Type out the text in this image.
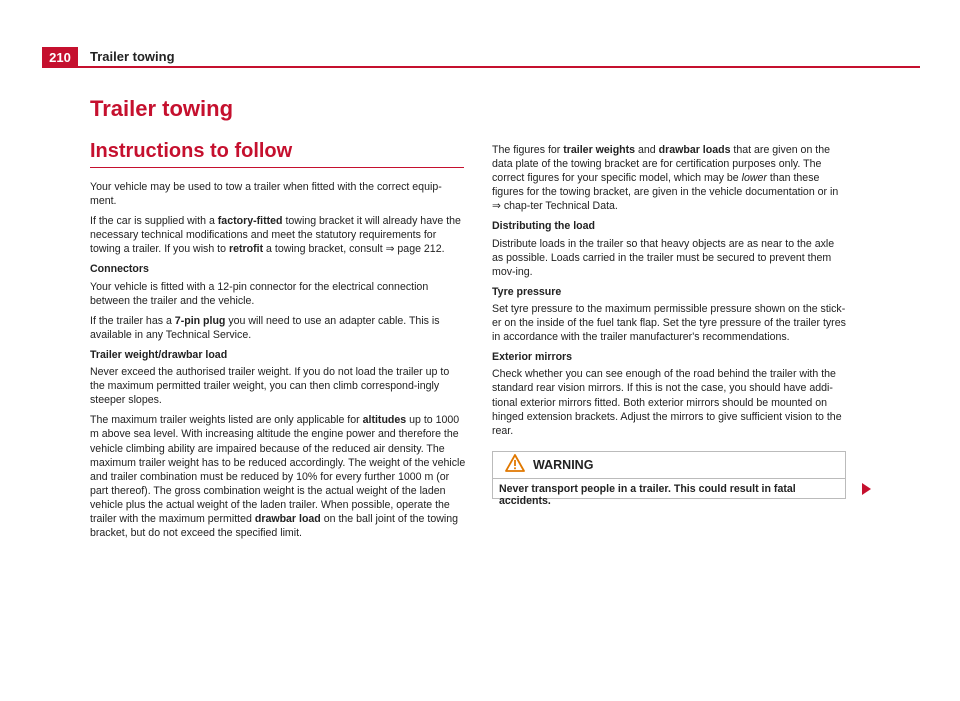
210	Trailer towing
Trailer towing
Instructions to follow

Your vehicle may be used to tow a trailer when fitted with the correct equip-ment.

If the car is supplied with a factory-fitted towing bracket it will already have the necessary technical modifications and meet the statutory requirements for towing a trailer. If you wish to retrofit a towing bracket, consult ⇒ page 212.

Connectors

Your vehicle is fitted with a 12-pin connector for the electrical connection between the trailer and the vehicle.

If the trailer has a 7-pin plug you will need to use an adapter cable. This is available in any Technical Service.

Trailer weight/drawbar load

Never exceed the authorised trailer weight. If you do not load the trailer up to the maximum permitted trailer weight, you can then climb correspond-ingly steeper slopes.

The maximum trailer weights listed are only applicable for altitudes up to 1000 m above sea level. With increasing altitude the engine power and therefore the vehicle climbing ability are impaired because of the reduced air density. The maximum trailer weight has to be reduced accordingly. The weight of the vehicle and trailer combination must be reduced by 10% for every further 1000 m (or part thereof). The gross combination weight is the actual weight of the laden vehicle plus the actual weight of the laden trailer. When possible, operate the trailer with the maximum permitted drawbar load on the ball joint of the towing bracket, but do not exceed the specified limit.

The figures for trailer weights and drawbar loads that are given on the data plate of the towing bracket are for certification purposes only. The correct figures for your specific model, which may be lower than these figures for the towing bracket, are given in the vehicle documentation or in ⇒ chap-ter Technical Data.

Distributing the load

Distribute loads in the trailer so that heavy objects are as near to the axle as possible. Loads carried in the trailer must be secured to prevent them mov-ing.

Tyre pressure

Set tyre pressure to the maximum permissible pressure shown on the stick-er on the inside of the fuel tank flap. Set the tyre pressure of the trailer tyres in accordance with the trailer manufacturer's recommendations.

Exterior mirrors

Check whether you can see enough of the road behind the trailer with the standard rear vision mirrors. If this is not the case, you should have addi-tional exterior mirrors fitted. Both exterior mirrors should be mounted on hinged extension brackets. Adjust the mirrors to give sufficient vision to the rear.

WARNING
Never transport people in a trailer. This could result in fatal accidents.
